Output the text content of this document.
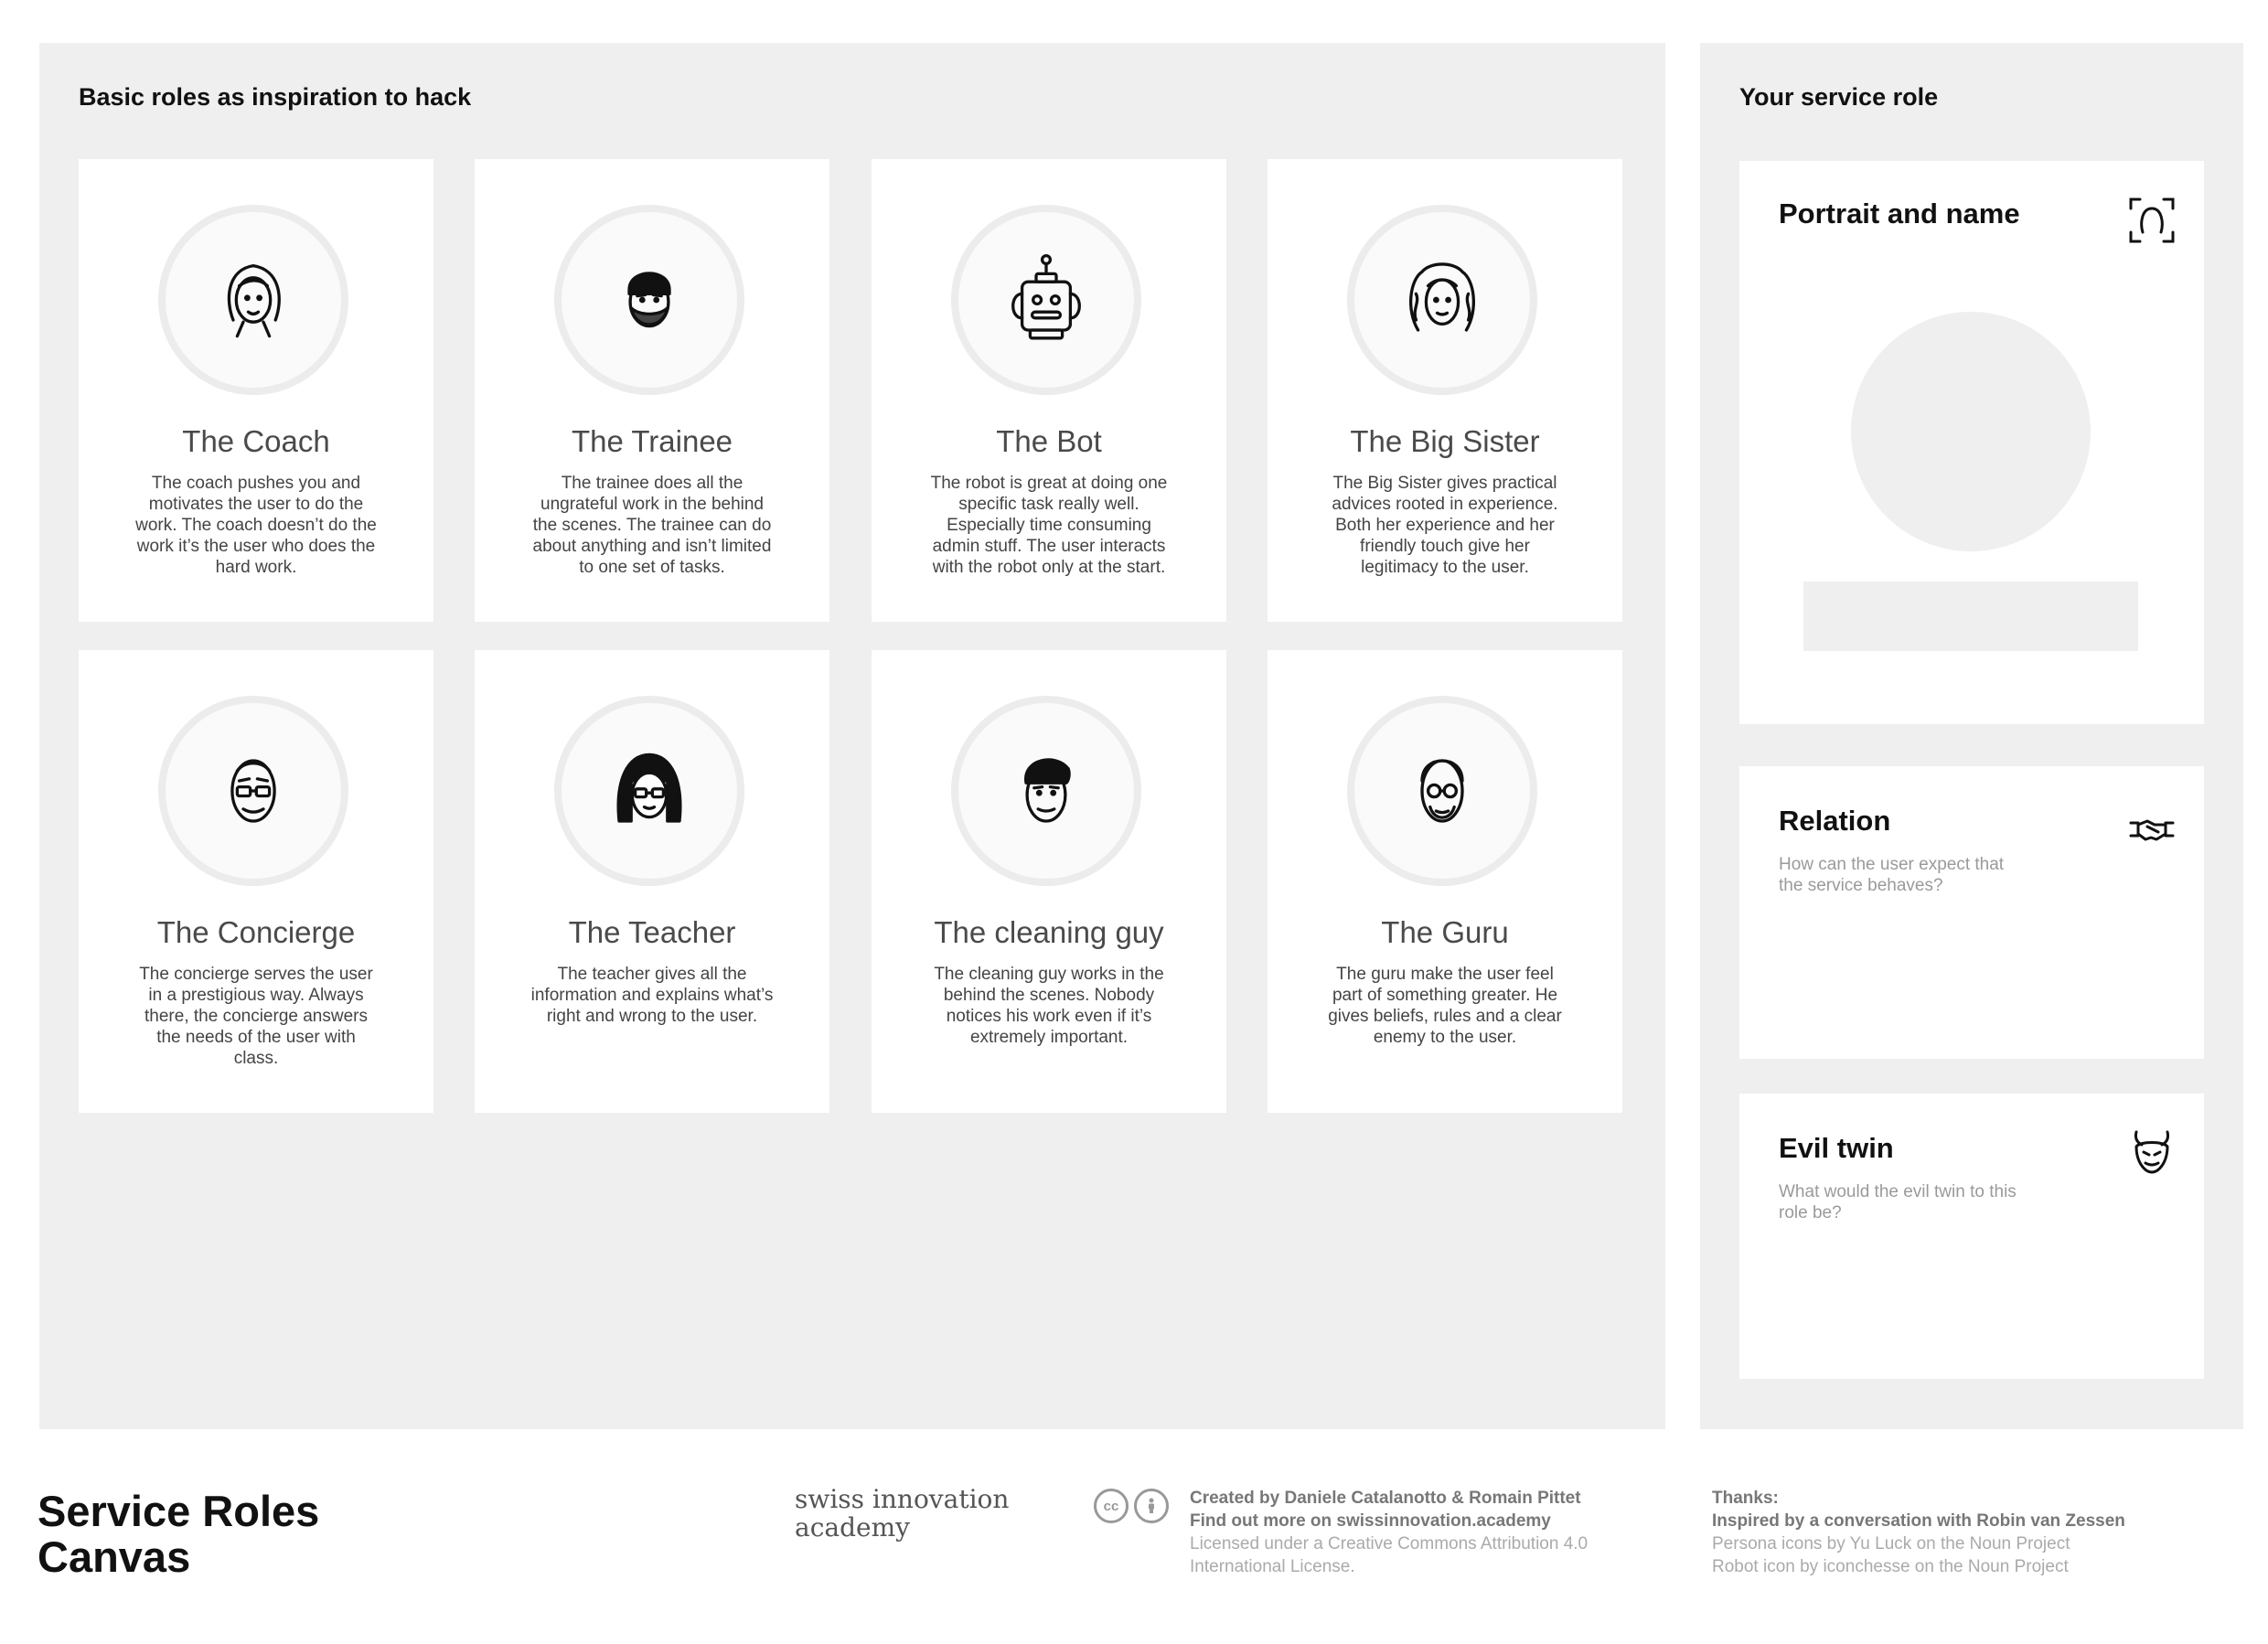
Basic roles as inspiration to hack
The Coach
The coach pushes you and motivates the user to do the work. The coach doesn’t do the work it’s the user who does the hard work.
The Trainee
The trainee does all the ungrateful work in the behind the scenes. The trainee can do about anything and isn’t limited to one set of tasks.
The Bot
The robot is great at doing one specific task really well. Especially time consuming admin stuff. The user interacts with the robot only at the start.
The Big Sister
The Big Sister gives practical advices rooted in experience. Both her experience and her friendly touch give her legitimacy to the user.
The Concierge
The concierge serves the user in a prestigious way. Always there, the concierge answers the needs of the user with class.
The Teacher
The teacher gives all the information and explains what’s right and wrong to the user.
The cleaning guy
The cleaning guy works in the behind the scenes. Nobody notices his work even if it’s extremely important.
The Guru
The guru make the user feel part of something greater. He gives beliefs, rules and a clear enemy to the user.
Your service role
Portrait and name
Relation
How can the user expect that the service behaves?
Evil twin
What would the evil twin to this role be?
Service Roles Canvas
swiss innovation academy
cc	Created by Daniele Catalanotto & Romain Pittet
Find out more on swissinnovation.academy
Licensed under a Creative Commons Attribution 4.0 International License.
Thanks:
Inspired by a conversation with Robin van Zessen
Persona icons by Yu Luck on the Noun Project
Robot icon by iconchesse on the Noun Project
